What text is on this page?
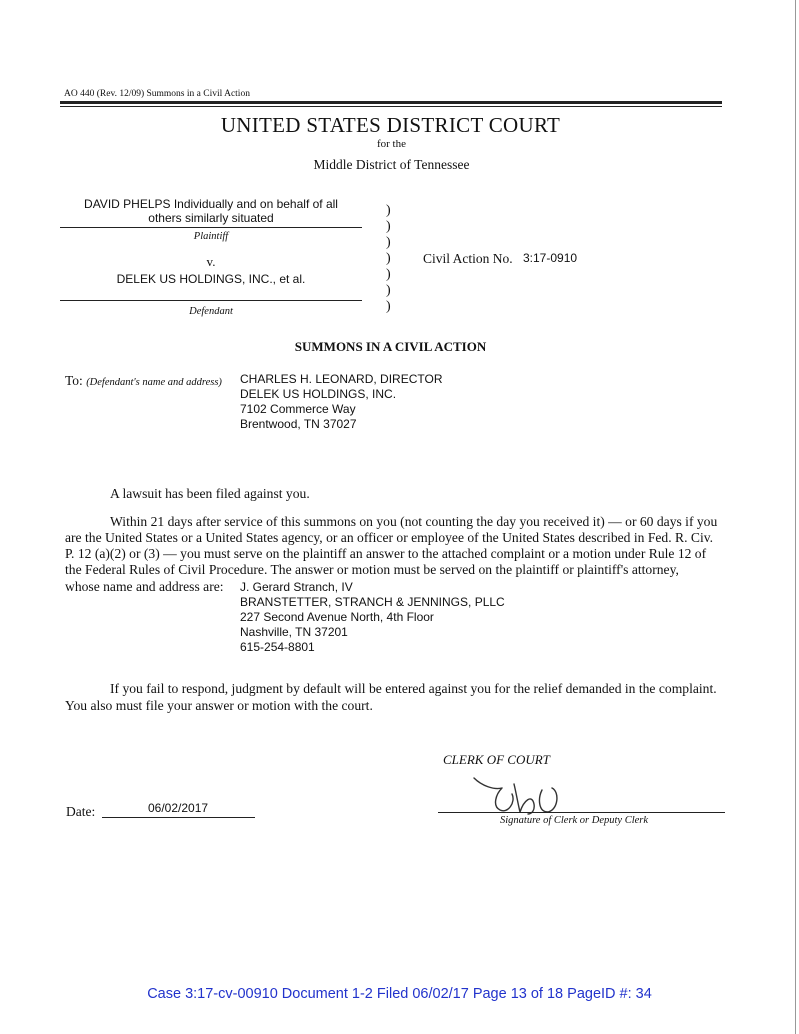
AO 440 (Rev. 12/09) Summons in a Civil Action
UNITED STATES DISTRICT COURT
for the
Middle District of Tennessee
DAVID PHELPS Individually and on behalf of all
others similarly situated
Plaintiff
v.
DELEK US HOLDINGS, INC., et al.
Defendant
)
)
)
)
)
)
)
Civil Action No. 3:17-0910
SUMMONS IN A CIVIL ACTION
To: (Defendant's name and address) CHARLES H. LEONARD, DIRECTOR
DELEK US HOLDINGS, INC.
7102 Commerce Way
Brentwood, TN 37027
A lawsuit has been filed against you.
Within 21 days after service of this summons on you (not counting the day you received it) — or 60 days if you
are the United States or a United States agency, or an officer or employee of the United States described in Fed. R. Civ.
P. 12 (a)(2) or (3) — you must serve on the plaintiff an answer to the attached complaint or a motion under Rule 12 of
the Federal Rules of Civil Procedure. The answer or motion must be served on the plaintiff or plaintiff's attorney,
whose name and address are: J. Gerard Stranch, IV
BRANSTETTER, STRANCH & JENNINGS, PLLC
227 Second Avenue North, 4th Floor
Nashville, TN 37201
615-254-8801
If you fail to respond, judgment by default will be entered against you for the relief demanded in the complaint.
You also must file your answer or motion with the court.
CLERK OF COURT
Signature of Clerk or Deputy Clerk
Date:	06/02/2017
Case 3:17-cv-00910 Document 1-2 Filed 06/02/17 Page 13 of 18 PageID #: 34
